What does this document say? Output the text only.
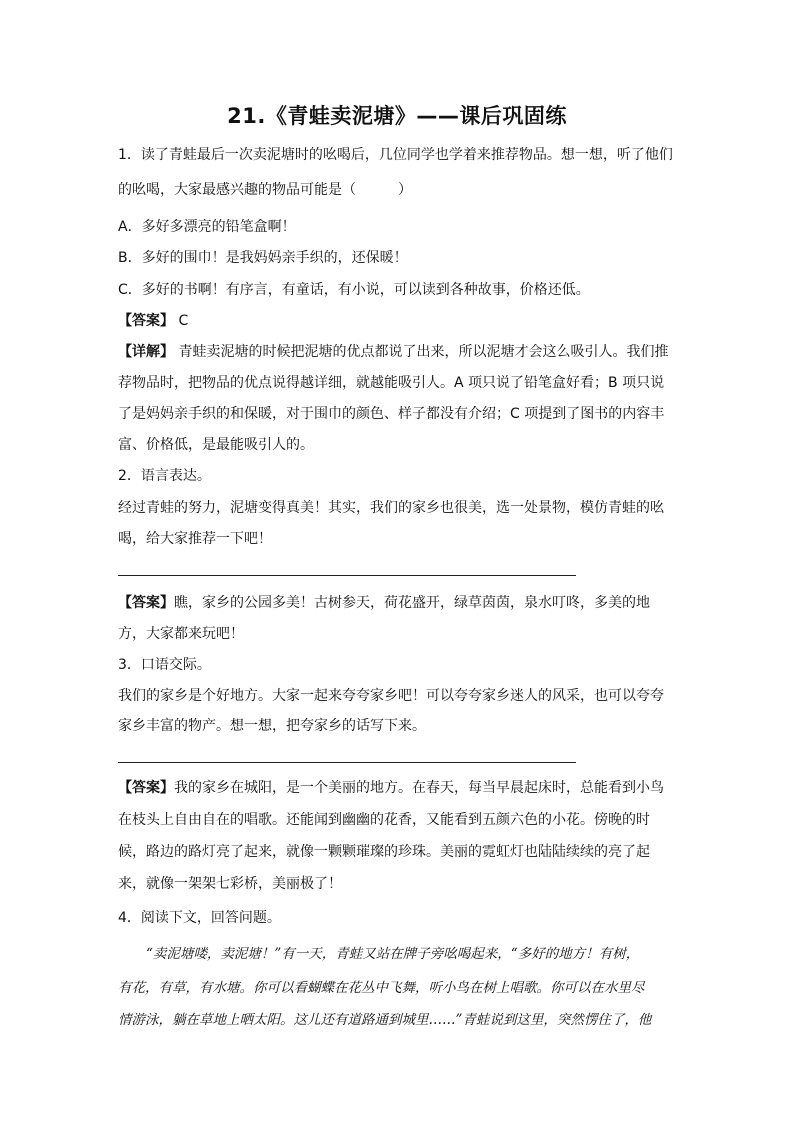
21.《青蛙卖泥塘》——课后巩固练
1．读了青蛙最后一次卖泥塘时的吆喝后，几位同学也学着来推荐物品。想一想，听了他们
的吆喝，大家最感兴趣的物品可能是（　　　）
A．多好多漂亮的铅笔盒啊！
B．多好的围巾！是我妈妈亲手织的，还保暖！
C．多好的书啊！有序言，有童话，有小说，可以读到各种故事，价格还低。
【答案】 C
【详解】 青蛙卖泥塘的时候把泥塘的优点都说了出来，所以泥塘才会这么吸引人。我们推
荐物品时，把物品的优点说得越详细，就越能吸引人。A 项只说了铅笔盒好看；B 项只说
了是妈妈亲手织的和保暖，对于围巾的颜色、样子都没有介绍；C 项提到了图书的内容丰
富、价格低，是最能吸引人的。
2．语言表达。
经过青蛙的努力，泥塘变得真美！其实，我们的家乡也很美，选一处景物，模仿青蛙的吆
喝，给大家推荐一下吧！
【答案】瞧，家乡的公园多美！古树参天，荷花盛开，绿草茵茵，泉水叮咚，多美的地
方，大家都来玩吧！
3．口语交际。
我们的家乡是个好地方。大家一起来夸夸家乡吧！可以夸夸家乡迷人的风采，也可以夸夸
家乡丰富的物产。想一想，把夸家乡的话写下来。
【答案】我的家乡在城阳，是一个美丽的地方。在春天，每当早晨起床时，总能看到小鸟
在枝头上自由自在的唱歌。还能闻到幽幽的花香，又能看到五颜六色的小花。傍晚的时
候，路边的路灯亮了起来，就像一颗颗璀璨的珍珠。美丽的霓虹灯也陆陆续续的亮了起
来，就像一架架七彩桥，美丽极了！
4．阅读下文，回答问题。
“卖泥塘喽，卖泥塘！”有一天，青蛙又站在牌子旁吆喝起来，“多好的地方！有树，
有花，有草，有水塘。你可以看蝴蝶在花丛中飞舞，听小鸟在树上唱歌。你可以在水里尽
情游泳，躺在草地上晒太阳。这儿还有道路通到城里……”青蛙说到这里，突然愣住了，他
